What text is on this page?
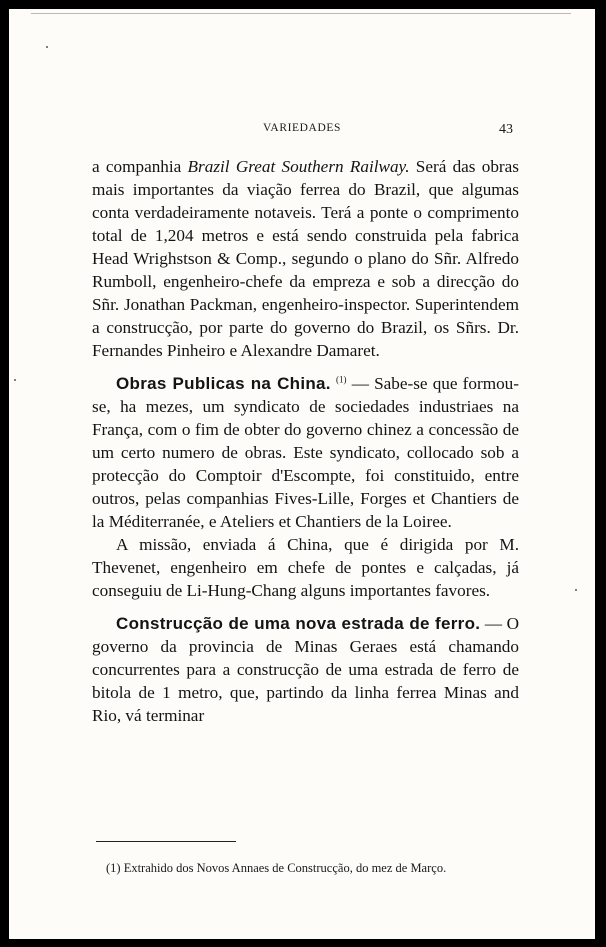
VARIEDADES	43

a companhia Brazil Great Southern Railway. Será das obras mais importantes da viação ferrea do Brazil, que algumas conta verdadeiramente notaveis. Terá a ponte o comprimento total de 1,204 metros e está sendo construida pela fabrica Head Wrighstson & Comp., segundo o plano do Sñr. Alfredo Rumboll, engenheiro-chefe da empreza e sob a direcção do Sñr. Jonathan Packman, engenheiro-inspector. Superintendem a construcção, por parte do governo do Brazil, os Sñrs. Dr. Fernandes Pinheiro e Alexandre Damaret.

Obras Publicas na China. $^{(1)}$ — Sabe-se que formou-se, ha mezes, um syndicato de sociedades industriaes na França, com o fim de obter do governo chinez a concessão de um certo numero de obras. Este syndicato, collocado sob a protecção do Comptoir d'Escompte, foi constituido, entre outros, pelas companhias Fives-Lille, Forges et Chantiers de la Méditerranée, e Ateliers et Chantiers de la Loiree.

A missão, enviada á China, que é dirigida por M. Thevenet, engenheiro em chefe de pontes e calçadas, já conseguiu de Li-Hung-Chang alguns importantes favores.

Construcção de uma nova estrada de ferro. — O governo da provincia de Minas Geraes está chamando concurrentes para a construcção de uma estrada de ferro de bitola de 1 metro, que, partindo da linha ferrea Minas and Rio, vá terminar

(1) Extrahido dos Novos Annaes de Construcção, do mez de Março.
